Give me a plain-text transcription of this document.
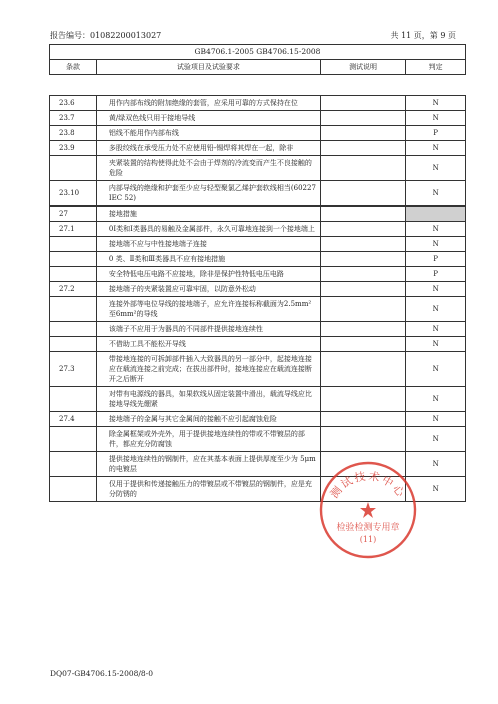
报告编号：01082200013027	共 11 页，第 9 页
GB4706.1-2005 GB4706.15-2008
条款	试验项目及试验要求	测试说明	判定
23.6	用作内部布线的附加绝缘的套管，应采用可靠的方式保持在位		N
23.7	黄/绿双色线只用于接地导线		N
23.8	铝线不能用作内部布线		P
23.9	多股绞线在承受压力处不应使用铅-锡焊将其焊在一起，除非		N
	夹紧装置的结构使得此处不会由于焊剂的冷流变而产生不良接触的危险		N
23.10	内部导线的绝缘和护套至少应与轻型聚氯乙烯护套软线相当(60227 IEC 52)		N

27	接地措施		
27.1	0I类和Ⅰ类器具的易触及金属部件，永久可靠地连接到一个接地端上		N
	接地端不应与中性接地端子连接		N
	0 类、Ⅱ类和Ⅲ类器具不应有接地措施		P
	安全特低电压电路不应接地，除非是保护性特低电压电路		P
27.2	接地端子的夹紧装置应可靠牢固，以防意外松动		N
	连接外部等电位导线的接地端子，应允许连接标称截面为2.5mm²至6mm²的导线		N
	该端子不应用于为器具的不同部件提供接地连续性		N
	不借助工具不能松开导线		N
27.3	带接地连接的可拆卸部件插入大致器具的另一部分中，起接地连接应在载流连接之前完成；在拔出部件时，接地连接应在载流连接断开之后断开		N
	对带有电源线的器具，如果软线从固定装置中滑出，载流导线应比接地导线先绷紧		N
27.4	接地端子的金属与其它金属间的接触不应引起腐蚀危险		N
	除金属框架或外壳外，用于提供接地连续性的带或不带镀层的部件，都应充分防腐蚀		N
	提供接地连续性的钢制件，应在其基本表面上提供厚度至少为 5μm 的电镀层		N
	仅用于提供和传递接触压力的带镀层或不带镀层的钢制件，应是充分防锈的		N
测试技术中心
检验检测专用章
(11)
DQ07-GB4706.15-2008/8-0
